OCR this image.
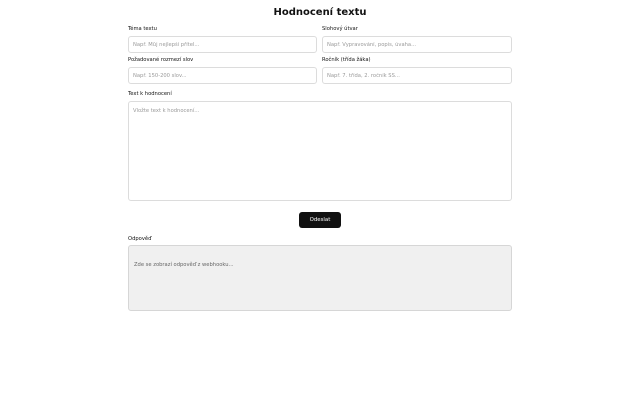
Hodnocení textu
Téma textu
Např. Můj nejlepší přítel...	Slohový útvar
Např. Vypravování, popis, úvaha...
Požadované rozmezí slov
Např. 150-200 slov...	Ročník (třída žáka)
Např. 7. třída, 2. ročník SŠ...
Text k hodnocení
Vložte text k hodnocení...
Odeslat
Odpověď
Zde se zobrazí odpověď z webhooku...
